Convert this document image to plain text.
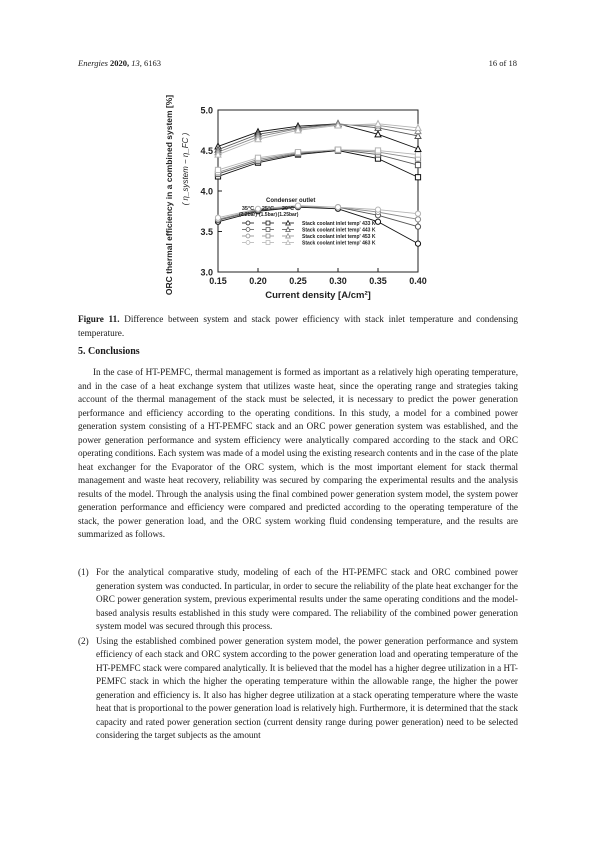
Energies 2020, 13, 6163	16 of 18
3.0
3.5
4.0
4.5
5.0
0.15 0.20 0.25 0.30 0.35 0.40
Current density [A/cm²]
ORC thermal efficiency in a combined system [%] ( η_system − η_FC )	Condenser outlet
35°C 25°C 20°C
(2.2bar) (1.5bar) (1.25bar)
Stack coolant inlet temp' 433 K
Stack coolant inlet temp' 443 K
Stack coolant inlet temp' 453 K
Stack coolant inlet temp' 463 K
Figure 11. Difference between system and stack power efficiency with stack inlet temperature and condensing temperature.
5. Conclusions

In the case of HT-PEMFC, thermal management is formed as important as a relatively high operating temperature, and in the case of a heat exchange system that utilizes waste heat, since the operating range and strategies taking account of the thermal management of the stack must be selected, it is necessary to predict the power generation performance and efficiency according to the operating conditions. In this study, a model for a combined power generation system consisting of a HT-PEMFC stack and an ORC power generation system was established, and the power generation performance and system efficiency were analytically compared according to the stack and ORC operating conditions. Each system was made of a model using the existing research contents and in the case of the plate heat exchanger for the Evaporator of the ORC system, which is the most important element for stack thermal management and waste heat recovery, reliability was secured by comparing the experimental results and the analysis results of the model. Through the analysis using the final combined power generation system model, the system power generation performance and efficiency were compared and predicted according to the operating temperature of the stack, the power generation load, and the ORC system working fluid condensing temperature, and the results are summarized as follows.

(1) For the analytical comparative study, modeling of each of the HT-PEMFC stack and ORC combined power generation system was conducted. In particular, in order to secure the reliability of the plate heat exchanger for the ORC power generation system, previous experimental results under the same operating conditions and the model-based analysis results established in this study were compared. The reliability of the combined power generation system model was secured through this process.
(2) Using the established combined power generation system model, the power generation performance and system efficiency of each stack and ORC system according to the power generation load and operating temperature of the HT-PEMFC stack were compared analytically. It is believed that the model has a higher degree utilization in a HT-PEMFC stack in which the higher the operating temperature within the allowable range, the higher the power generation and efficiency is. It also has higher degree utilization at a stack operating temperature where the waste heat that is proportional to the power generation load is relatively high. Furthermore, it is determined that the stack capacity and rated power generation section (current density range during power generation) need to be selected considering the target subjects as the amount
